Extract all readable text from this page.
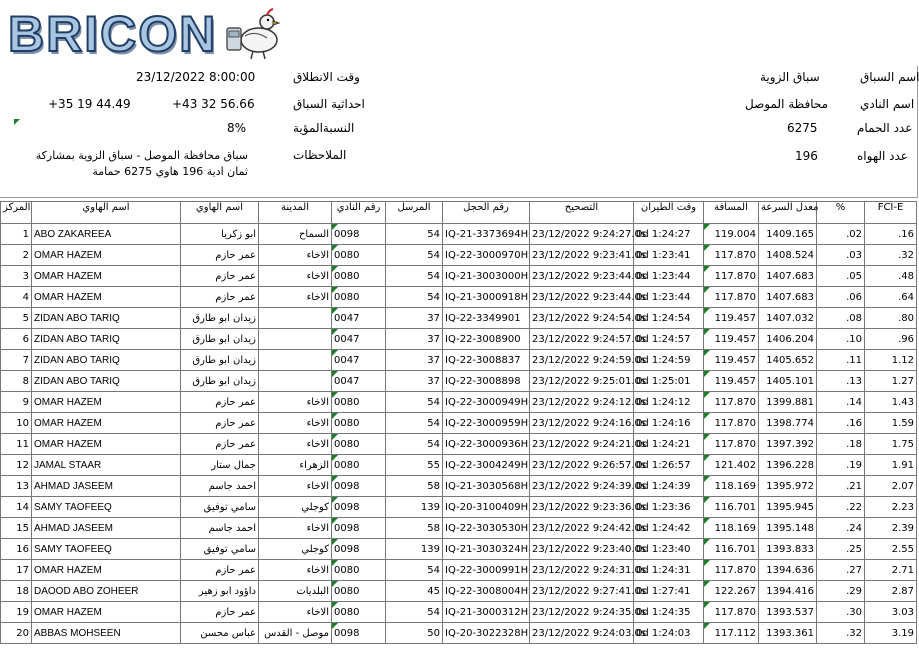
BRICON
اسم السباق
سباق الزوية
اسم النادي
محافظة الموصل
عدد الحمام
6275
عدد الهواه
196
وقت الانطلاق
23/12/2022 8:00:00
احداثية السباق
+43 32 56.66
+35 19 44.49
النسبةالمؤية
8%
الملاحظات
سباق محافظة الموصل - سباق الزوية بمشاركة ثمان ادية 196 هاوي 6275 حمامة
المركز	اسم الهاوي	اسم الهاوي	المدينة	رقم النادي	المرسل	رقم الحجل	التصحيح	وقت الطيران	المسافة	معدل السرعة	%	FCI-E
1	ABO ZAKAREEA	ابو زكريا	السماح	0098	54	IQ-21-3373694H	23/12/2022 9:24:27.0s	0d 1:24:27	119.004	1409.165	.02	.16
2	OMAR HAZEM	عمر حازم	الاخاء	0080	54	IQ-22-3000970H	23/12/2022 9:23:41.0s	0d 1:23:41	117.870	1408.524	.03	.32
3	OMAR HAZEM	عمر حازم	الاخاء	0080	54	IQ-21-3003000H	23/12/2022 9:23:44.0s	0d 1:23:44	117.870	1407.683	.05	.48
4	OMAR HAZEM	عمر حازم	الاخاء	0080	54	IQ-21-3000918H	23/12/2022 9:23:44.0s	0d 1:23:44	117.870	1407.683	.06	.64
5	ZIDAN ABO TARIQ	زيدان ابو طارق		0047	37	IQ-22-3349901	23/12/2022 9:24:54.0s	0d 1:24:54	119.457	1407.032	.08	.80
6	ZIDAN ABO TARIQ	زيدان ابو طارق		0047	37	IQ-22-3008900	23/12/2022 9:24:57.0s	0d 1:24:57	119.457	1406.204	.10	.96
7	ZIDAN ABO TARIQ	زيدان ابو طارق		0047	37	IQ-22-3008837	23/12/2022 9:24:59.0s	0d 1:24:59	119.457	1405.652	.11	1.12
8	ZIDAN ABO TARIQ	زيدان ابو طارق		0047	37	IQ-22-3008898	23/12/2022 9:25:01.0s	0d 1:25:01	119.457	1405.101	.13	1.27
9	OMAR HAZEM	عمر حازم	الاخاء	0080	54	IQ-22-3000949H	23/12/2022 9:24:12.0s	0d 1:24:12	117.870	1399.881	.14	1.43
10	OMAR HAZEM	عمر حازم	الاخاء	0080	54	IQ-22-3000959H	23/12/2022 9:24:16.0s	0d 1:24:16	117.870	1398.774	.16	1.59
11	OMAR HAZEM	عمر حازم	الاخاء	0080	54	IQ-22-3000936H	23/12/2022 9:24:21.0s	0d 1:24:21	117.870	1397.392	.18	1.75
12	JAMAL STAAR	جمال ستار	الزهراء	0080	55	IQ-22-3004249H	23/12/2022 9:26:57.0s	0d 1:26:57	121.402	1396.228	.19	1.91
13	AHMAD JASEEM	احمد جاسم	الاخاء	0098	58	IQ-21-3030568H	23/12/2022 9:24:39.0s	0d 1:24:39	118.169	1395.972	.21	2.07
14	SAMY TAOFEEQ	سامي توفيق	كوجلي	0098	139	IQ-20-3100409H	23/12/2022 9:23:36.0s	0d 1:23:36	116.701	1395.945	.22	2.23
15	AHMAD JASEEM	احمد جاسم	الاخاء	0098	58	IQ-22-3030530H	23/12/2022 9:24:42.0s	0d 1:24:42	118.169	1395.148	.24	2.39
16	SAMY TAOFEEQ	سامي توفيق	كوجلي	0098	139	IQ-21-3030324H	23/12/2022 9:23:40.0s	0d 1:23:40	116.701	1393.833	.25	2.55
17	OMAR HAZEM	عمر حازم	الاخاء	0080	54	IQ-22-3000991H	23/12/2022 9:24:31.0s	0d 1:24:31	117.870	1394.636	.27	2.71
18	DAOOD ABO ZOHEER	داؤود ابو زهير	البلديات	0080	45	IQ-22-3008004H	23/12/2022 9:27:41.0s	0d 1:27:41	122.267	1394.416	.29	2.87
19	OMAR HAZEM	عمر حازم	الاخاء	0080	54	IQ-21-3000312H	23/12/2022 9:24:35.0s	0d 1:24:35	117.870	1393.537	.30	3.03
20	ABBAS MOHSEEN	عباس محسن	موصل - القدس	0098	50	IQ-20-3022328H	23/12/2022 9:24:03.0s	0d 1:24:03	117.112	1393.361	.32	3.19
